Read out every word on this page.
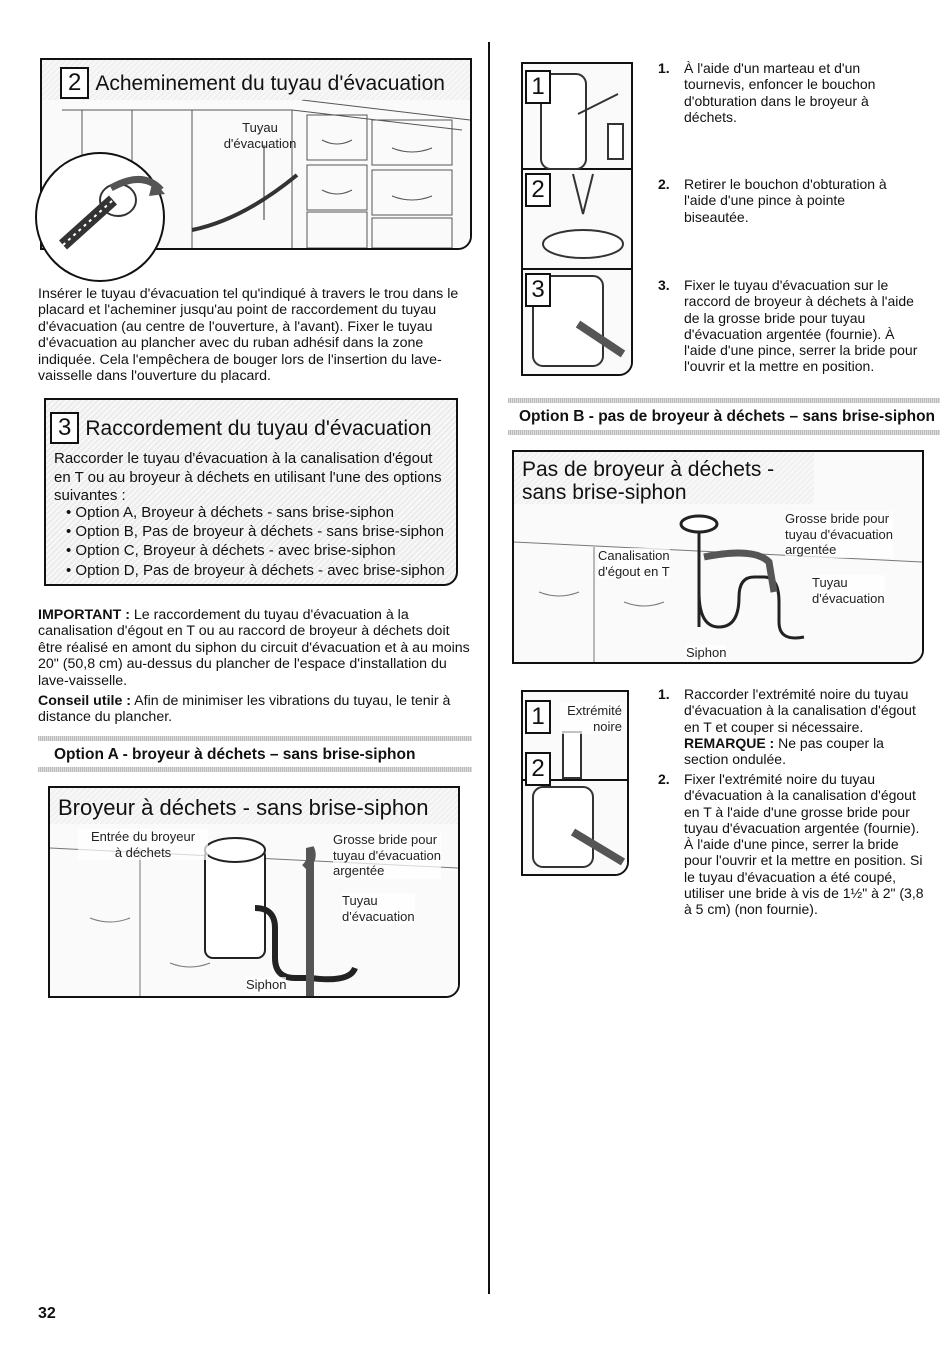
2 Acheminement du tuyau d'évacuation
Tuyau
d'évacuation
Insérer le tuyau d'évacuation tel qu'indiqué à travers le trou dans le placard et l'acheminer jusqu'au point de raccordement du tuyau d'évacuation (au centre de l'ouverture, à l'avant). Fixer le tuyau d'évacuation au plancher avec du ruban adhésif dans la zone indiquée. Cela l'empêchera de bouger lors de l'insertion du lave-vaisselle dans l'ouverture du placard.
3 Raccordement du tuyau d'évacuation
Raccorder le tuyau d'évacuation à la canalisation d'égout en T ou au broyeur à déchets en utilisant l'une des options suivantes :
• Option A, Broyeur à déchets - sans brise-siphon
• Option B, Pas de broyeur à déchets - sans brise-siphon
• Option C, Broyeur à déchets - avec brise-siphon
• Option D, Pas de broyeur à déchets - avec brise-siphon
IMPORTANT : Le raccordement du tuyau d'évacuation à la canalisation d'égout en T ou au raccord de broyeur à déchets doit être réalisé en amont du siphon du circuit d'évacuation et à au moins 20" (50,8 cm) au-dessus du plancher de l'espace d'installation du lave-vaisselle.
Conseil utile : Afin de minimiser les vibrations du tuyau, le tenir à distance du plancher.
Option A - broyeur à déchets – sans brise-siphon
Broyeur à déchets - sans brise-siphon
Entrée du broyeur
à déchets
Grosse bride pour
tuyau d'évacuation
argentée
Tuyau
d'évacuation
Siphon
32
1
2
3
1. À l'aide d'un marteau et d'un tournevis, enfoncer le bouchon d'obturation dans le broyeur à déchets.
2. Retirer le bouchon d'obturation à l'aide d'une pince à pointe biseautée.
3. Fixer le tuyau d'évacuation sur le raccord de broyeur à déchets à l'aide de la grosse bride pour tuyau d'évacuation argentée (fournie). À l'aide d'une pince, serrer la bride pour l'ouvrir et la mettre en position.
Option B - pas de broyeur à déchets – sans brise-siphon
Pas de broyeur à déchets -
sans brise-siphon
Grosse bride pour
tuyau d'évacuation
argentée
Canalisation
d'égout en T
Tuyau
d'évacuation
Siphon
1
2
Extrémité
noire
1. Raccorder l'extrémité noire du tuyau d'évacuation à la canalisation d'égout en T et couper si nécessaire. REMARQUE : Ne pas couper la section ondulée.
2. Fixer l'extrémité noire du tuyau d'évacuation à la canalisation d'égout en T à l'aide d'une grosse bride pour tuyau d'évacuation argentée (fournie). À l'aide d'une pince, serrer la bride pour l'ouvrir et la mettre en position. Si le tuyau d'évacuation a été coupé, utiliser une bride à vis de 1½" à 2" (3,8 à 5 cm) (non fournie).
